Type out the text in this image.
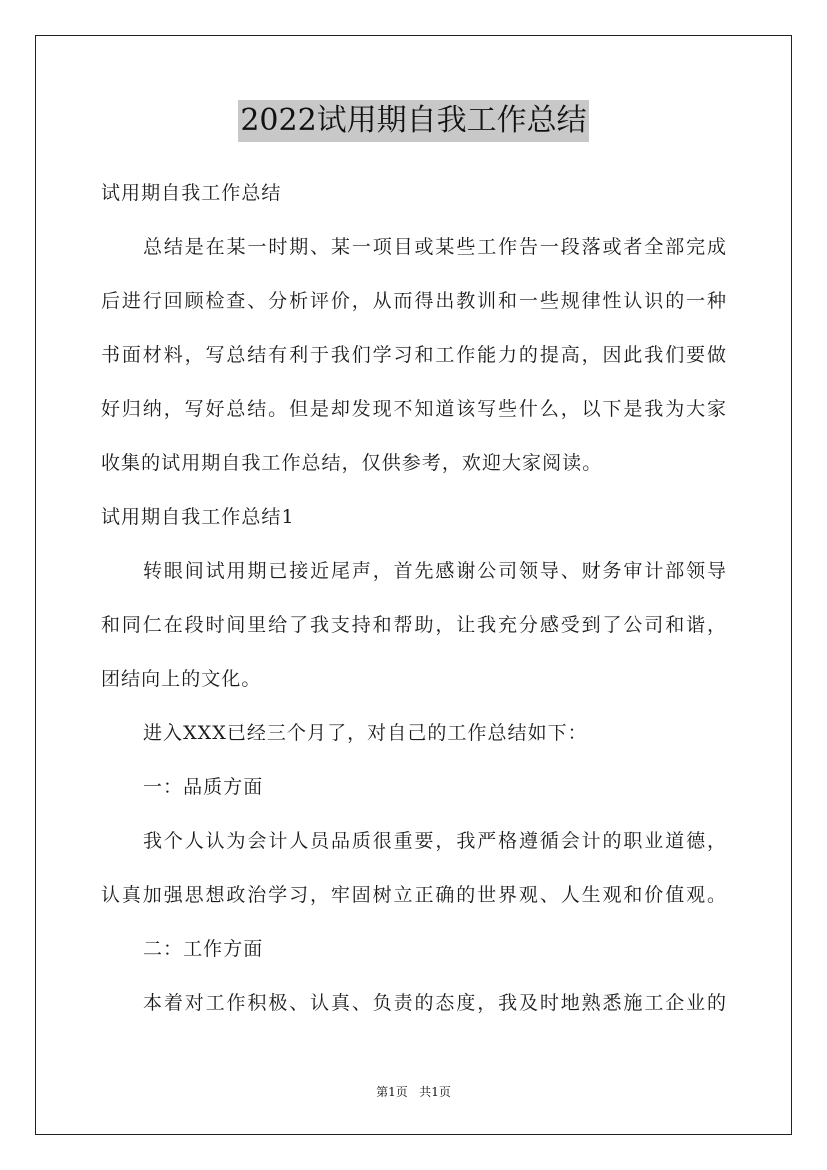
2022试用期自我工作总结
试用期自我工作总结
总结是在某一时期、某一项目或某些工作告一段落或者全部完成
后进行回顾检查、分析评价，从而得出教训和一些规律性认识的一种
书面材料，写总结有利于我们学习和工作能力的提高，因此我们要做
好归纳，写好总结。但是却发现不知道该写些什么，以下是我为大家
收集的试用期自我工作总结，仅供参考，欢迎大家阅读。
试用期自我工作总结1
转眼间试用期已接近尾声，首先感谢公司领导、财务审计部领导
和同仁在段时间里给了我支持和帮助，让我充分感受到了公司和谐，
团结向上的文化。
进入XXX已经三个月了，对自己的工作总结如下：
一：品质方面
我个人认为会计人员品质很重要，我严格遵循会计的职业道德，
认真加强思想政治学习，牢固树立正确的世界观、人生观和价值观。
二：工作方面
本着对工作积极、认真、负责的态度，我及时地熟悉施工企业的
第1页 共1页
